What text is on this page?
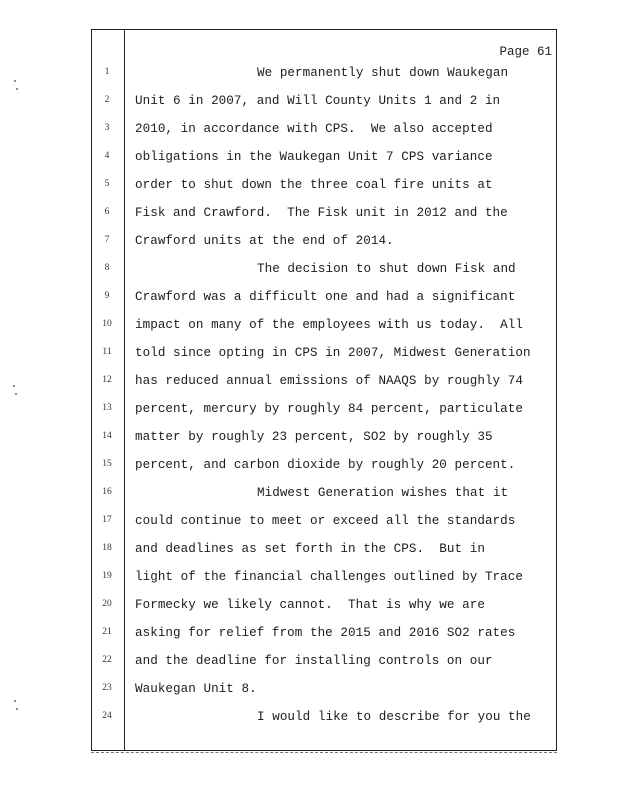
Page 61
1	We permanently shut down Waukegan
2	Unit 6 in 2007, and Will County Units 1 and 2 in
3	2010, in accordance with CPS.  We also accepted
4	obligations in the Waukegan Unit 7 CPS variance
5	order to shut down the three coal fire units at
6	Fisk and Crawford.  The Fisk unit in 2012 and the
7	Crawford units at the end of 2014.
8	The decision to shut down Fisk and
9	Crawford was a difficult one and had a significant
10	impact on many of the employees with us today.  All
11	told since opting in CPS in 2007, Midwest Generation
12	has reduced annual emissions of NAAQS by roughly 74
13	percent, mercury by roughly 84 percent, particulate
14	matter by roughly 23 percent, SO2 by roughly 35
15	percent, and carbon dioxide by roughly 20 percent.
16	Midwest Generation wishes that it
17	could continue to meet or exceed all the standards
18	and deadlines as set forth in the CPS.  But in
19	light of the financial challenges outlined by Trace
20	Formecky we likely cannot.  That is why we are
21	asking for relief from the 2015 and 2016 SO2 rates
22	and the deadline for installing controls on our
23	Waukegan Unit 8.
24	I would like to describe for you the
